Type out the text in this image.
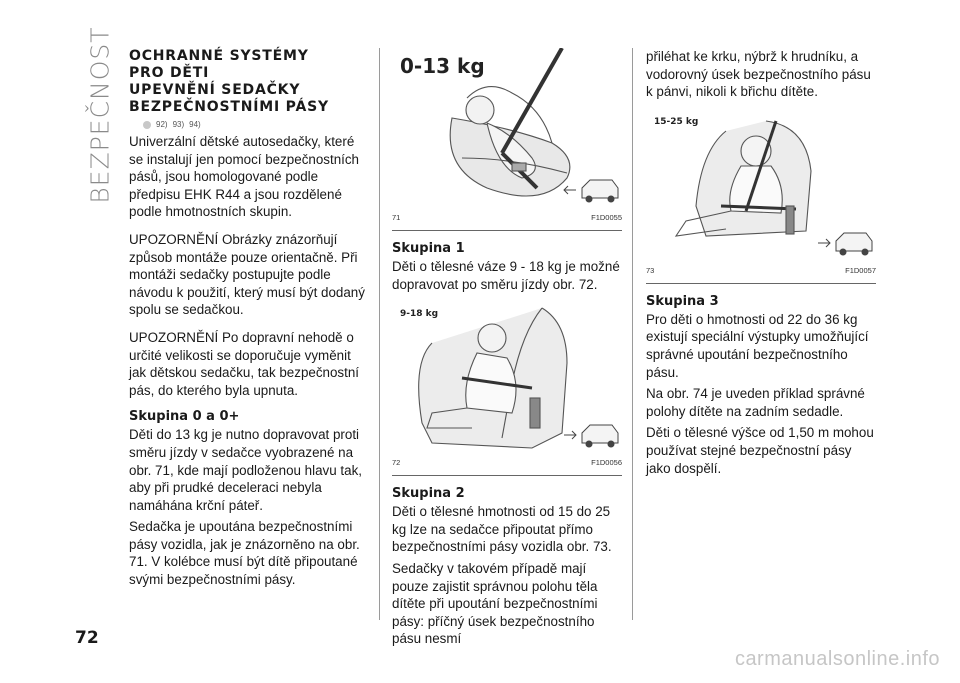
BEZPEČNOST OCHRANNÉ SYSTÉMY
PRO DĚTI
UPEVNĚNÍ SEDAČKY
BEZPEČNOSTNÍMI PÁSY
92) 93) 94)

Univerzální dětské autosedačky, které se instalují jen pomocí bezpečnostních pásů, jsou homologované podle předpisu EHK R44 a jsou rozdělené podle hmotnostních skupin.

UPOZORNĚNÍ Obrázky znázorňují způsob montáže pouze orientačně. Při montáži sedačky postupujte podle návodu k použití, který musí být dodaný spolu se sedačkou.

UPOZORNĚNÍ Po dopravní nehodě o určité velikosti se doporučuje vyměnit jak dětskou sedačku, tak bezpečnostní pás, do kterého byla upnuta.

Skupina 0 a 0+

Děti do 13 kg je nutno dopravovat proti směru jízdy v sedačce vyobrazené na obr. 71, kde mají podloženou hlavu tak, aby při prudké deceleraci nebyla namáhána krční páteř.

Sedačka je upoutána bezpečnostními pásy vozidla, jak je znázorněno na obr. 71. V kolébce musí být dítě připoutané svými bezpečnostními pásy.

0-13 kg
71	F1D0055
Skupina 1

Děti o tělesné váze 9 - 18 kg je možné dopravovat po směru jízdy obr. 72.

9-18 kg
72	F1D0056
Skupina 2

Děti o tělesné hmotnosti od 15 do 25 kg lze na sedačce připoutat přímo bezpečnostními pásy vozidla obr. 73.

Sedačky v takovém případě mají pouze zajistit správnou polohu těla dítěte při upoutání bezpečnostními pásy: příčný úsek bezpečnostního pásu nesmí

přiléhat ke krku, nýbrž k hrudníku, a vodorovný úsek bezpečnostního pásu k pánvi, nikoli k břichu dítěte.

15-25 kg
73	F1D0057
Skupina 3

Pro děti o hmotnosti od 22 do 36 kg existují speciální výstupky umožňující správné upoutání bezpečnostního pásu.

Na obr. 74 je uveden příklad správné polohy dítěte na zadním sedadle.

Děti o tělesné výšce od 1,50 m mohou používat stejné bezpečnostní pásy jako dospělí.

72
carmanualsonline.info
